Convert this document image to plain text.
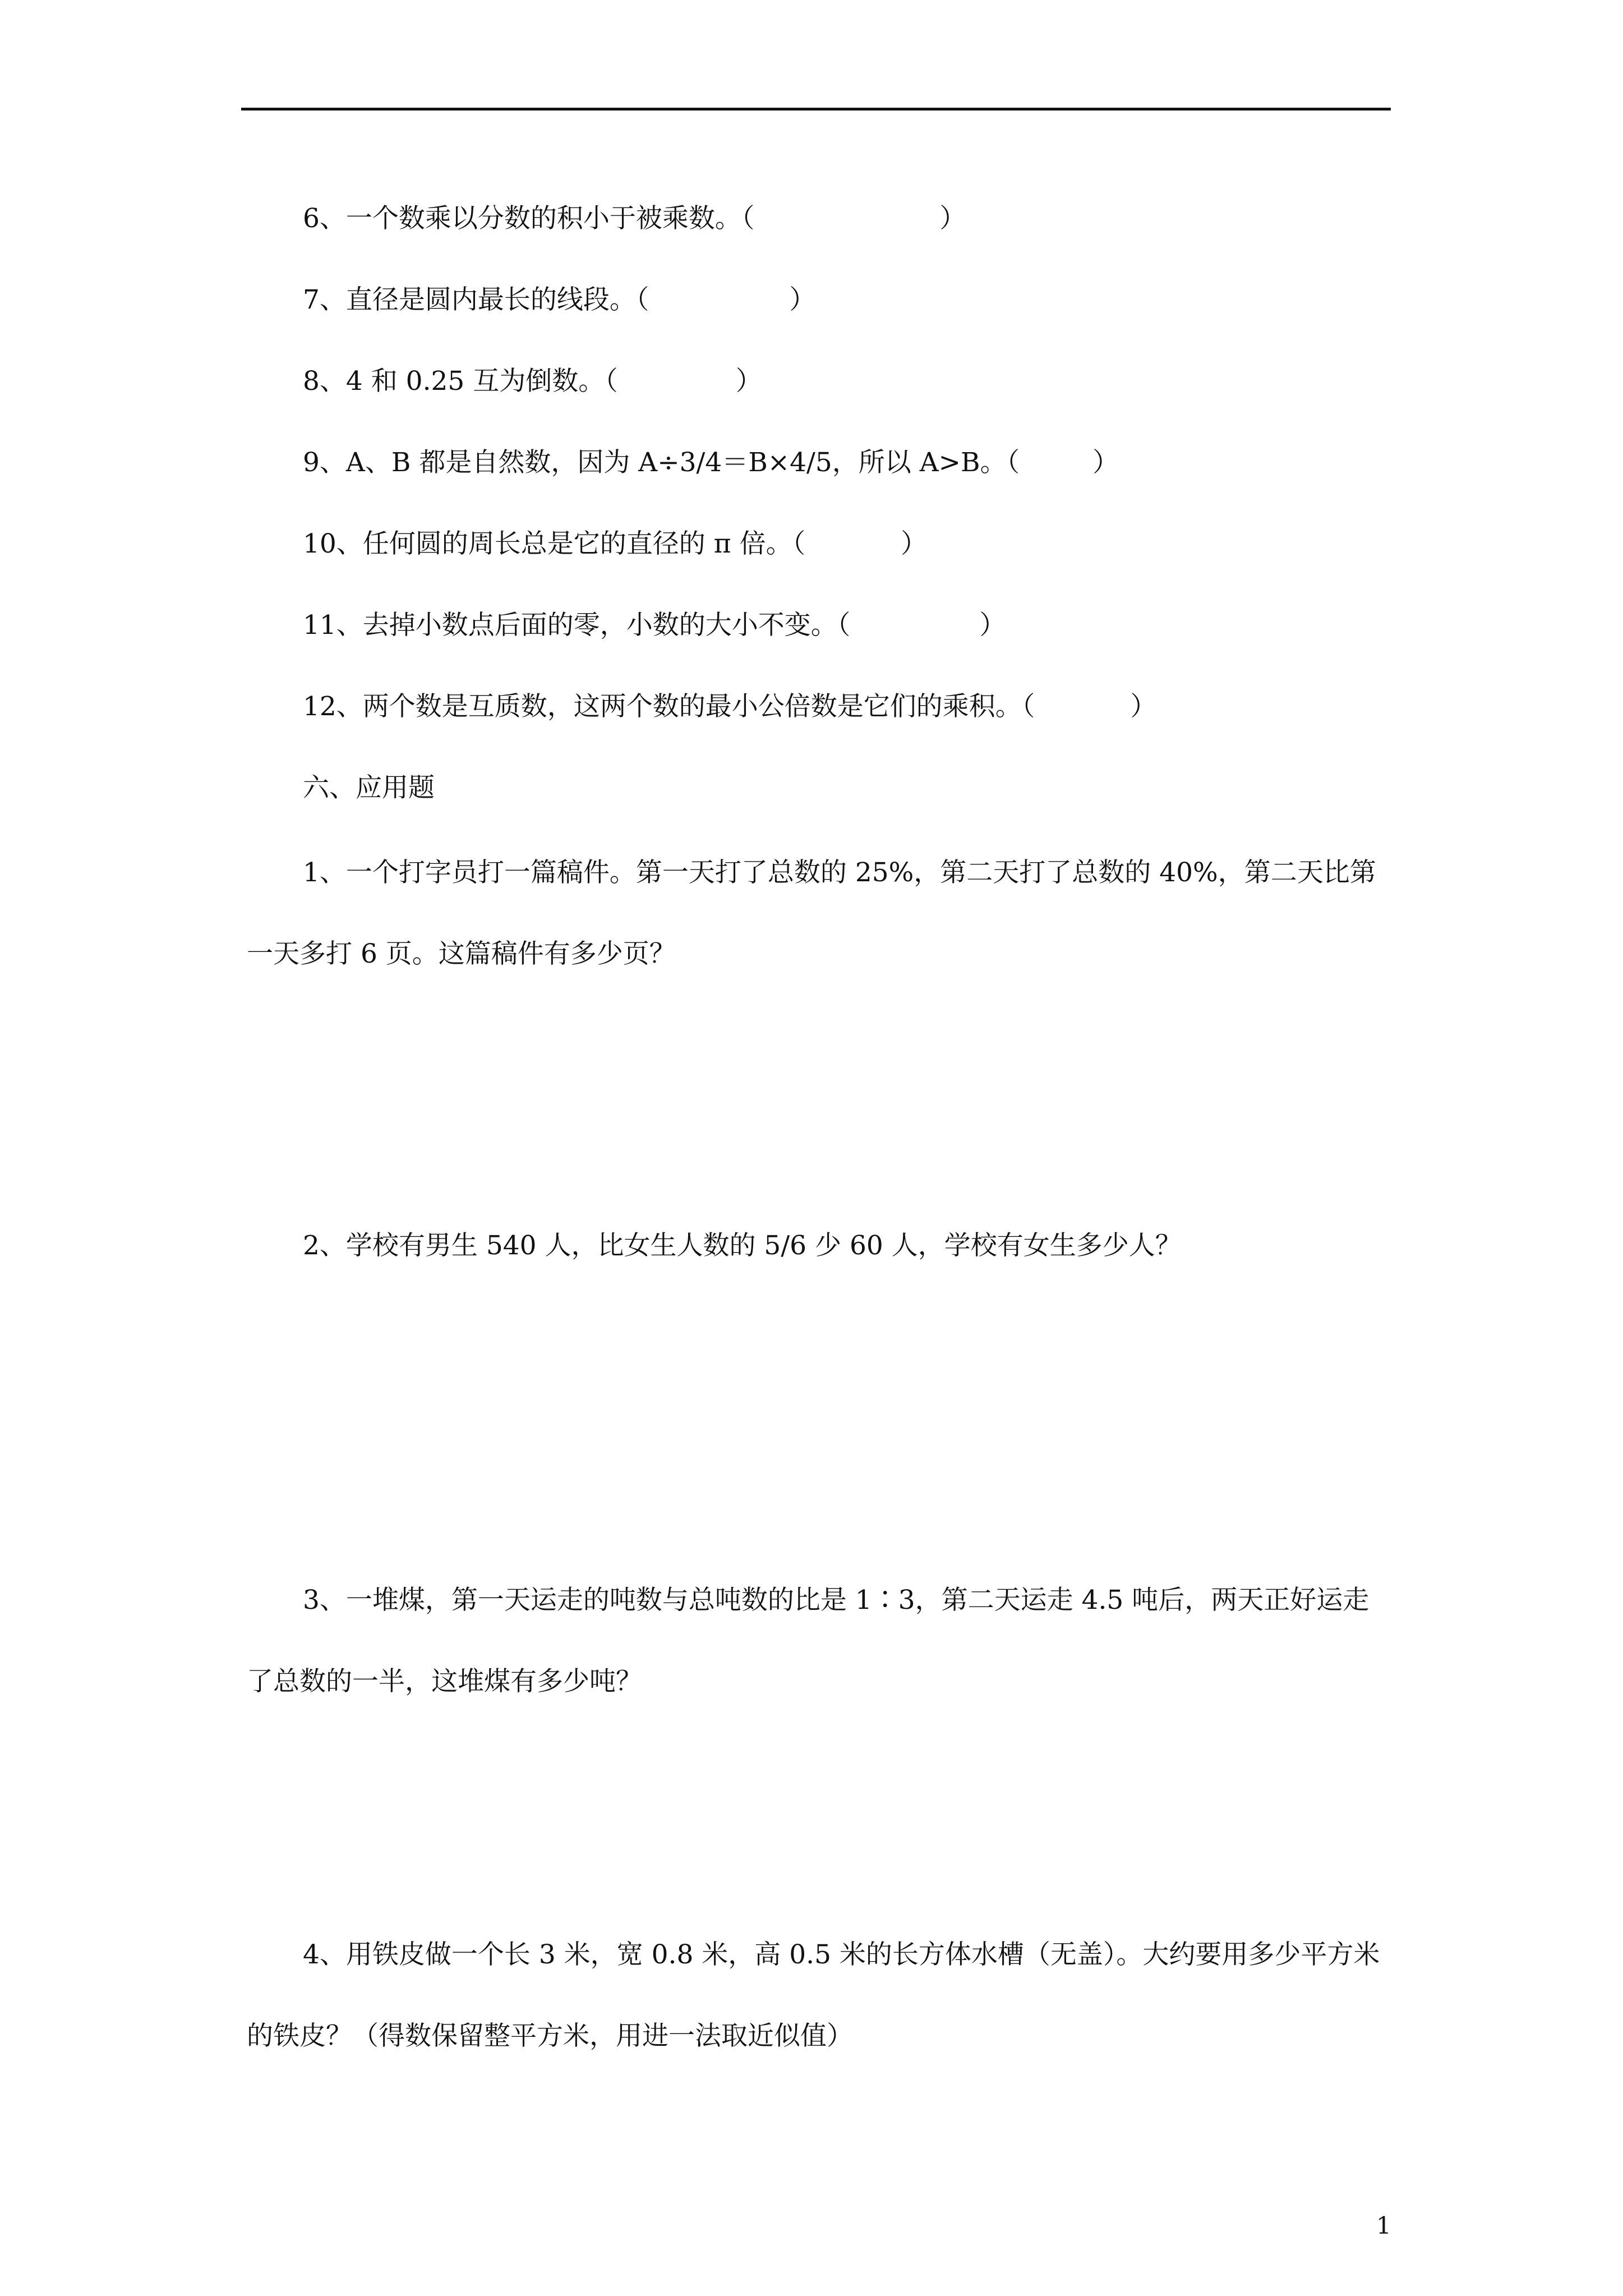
6、一个数乘以分数的积小于被乘数。（	）
7、直径是圆内最长的线段。（	）
8、4 和 0.25 互为倒数。（	）
9、A、B 都是自然数，因为 A÷3/4＝B×4/5，所以 A>B。（	）
10、任何圆的周长总是它的直径的 π 倍。（	）
11、去掉小数点后面的零，小数的大小不变。（	）
12、两个数是互质数，这两个数的最小公倍数是它们的乘积。（	）
六、应用题
1、一个打字员打一篇稿件。第一天打了总数的 25%，第二天打了总数的 40%，第二天比第一天多打 6 页。这篇稿件有多少页？
2、学校有男生 540 人，比女生人数的 5/6 少 60 人，学校有女生多少人？
3、一堆煤，第一天运走的吨数与总吨数的比是 1∶3，第二天运走 4.5 吨后，两天正好运走了总数的一半，这堆煤有多少吨？
4、用铁皮做一个长 3 米，宽 0.8 米，高 0.5 米的长方体水槽（无盖）。大约要用多少平方米的铁皮？（得数保留整平方米，用进一法取近似值）
1
